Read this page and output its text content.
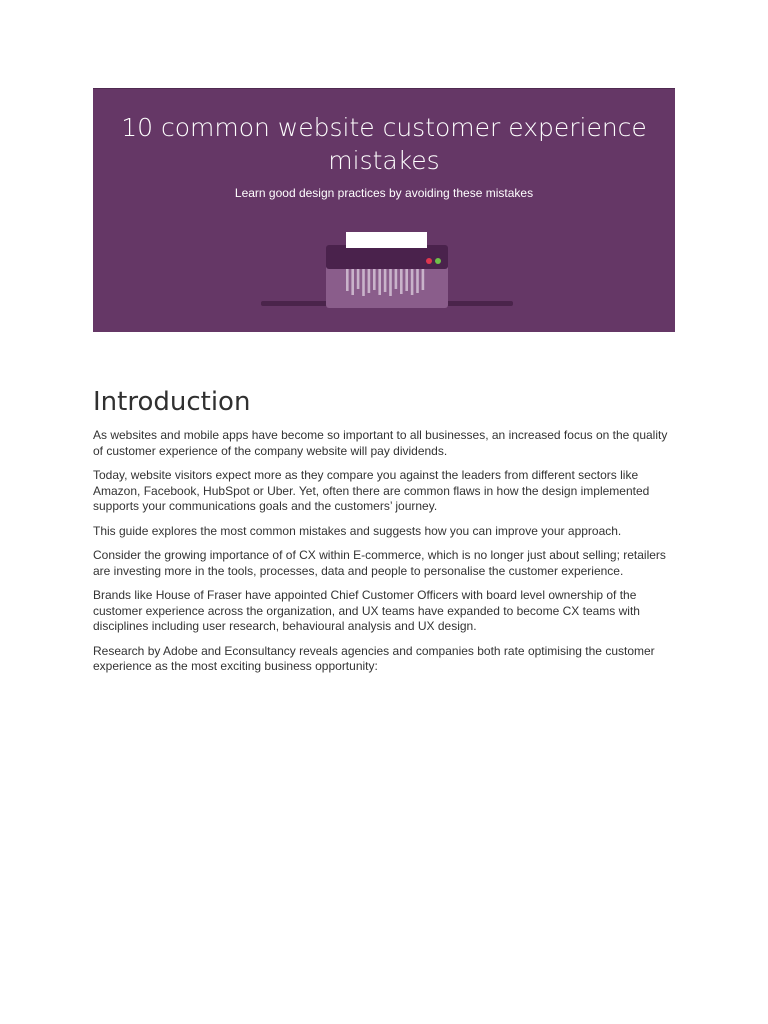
10 common website customer experience mistakes

Learn good design practices by avoiding these mistakes

Introduction

As websites and mobile apps have become so important to all businesses, an increased focus on the quality of customer experience of the company website will pay dividends.

Today, website visitors expect more as they compare you against the leaders from different sectors like Amazon, Facebook, HubSpot or Uber. Yet, often there are common flaws in how the design implemented supports your communications goals and the customers’ journey.

This guide explores the most common mistakes and suggests how you can improve your approach.

Consider the growing importance of of CX within E-commerce, which is no longer just about selling; retailers are investing more in the tools, processes, data and people to personalise the customer experience.

Brands like House of Fraser have appointed Chief Customer Officers with board level ownership of the customer experience across the organization, and UX teams have expanded to become CX teams with disciplines including user research, behavioural analysis and UX design.

Research by Adobe and Econsultancy reveals agencies and companies both rate optimising the customer experience as the most exciting business opportunity:
